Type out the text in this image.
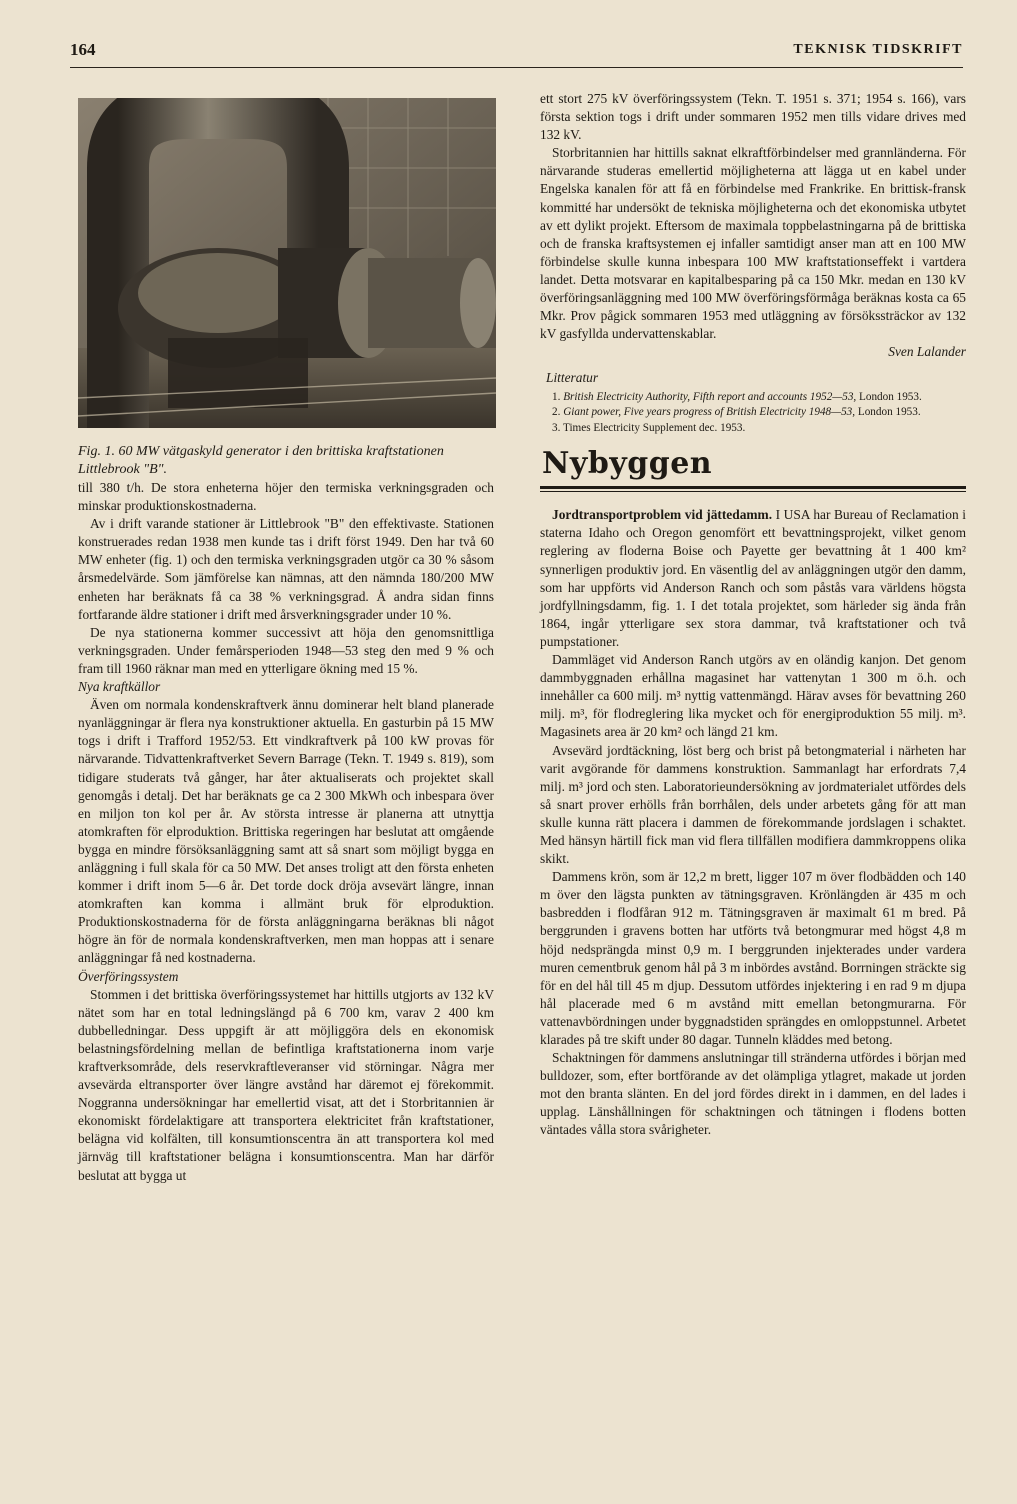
164	TEKNISK TIDSKRIFT

Fig. 1. 60 MW vätgaskyld generator i den brittiska kraftstationen Littlebrook "B".

till 380 t/h. De stora enheterna höjer den termiska verkningsgraden och minskar produktionskostnaderna.

Av i drift varande stationer är Littlebrook "B" den effektivaste. Stationen konstruerades redan 1938 men kunde tas i drift först 1949. Den har två 60 MW enheter (fig. 1) och den termiska verkningsgraden utgör ca 30 % såsom årsmedelvärde. Som jämförelse kan nämnas, att den nämnda 180/200 MW enheten har beräknats få ca 38 % verkningsgrad. Å andra sidan finns fortfarande äldre stationer i drift med årsverkningsgrader under 10 %.

De nya stationerna kommer successivt att höja den genomsnittliga verkningsgraden. Under femårsperioden 1948—53 steg den med 9 % och fram till 1960 räknar man med en ytterligare ökning med 15 %.

Nya kraftkällor

Även om normala kondenskraftverk ännu dominerar helt bland planerade nyanläggningar är flera nya konstruktioner aktuella. En gasturbin på 15 MW togs i drift i Trafford 1952/53. Ett vindkraftverk på 100 kW provas för närvarande. Tidvattenkraftverket Severn Barrage (Tekn. T. 1949 s. 819), som tidigare studerats två gånger, har åter aktualiserats och projektet skall genomgås i detalj. Det har beräknats ge ca 2 300 MkWh och inbespara över en miljon ton kol per år. Av största intresse är planerna att utnyttja atomkraften för elproduktion. Brittiska regeringen har beslutat att omgående bygga en mindre försöksanläggning samt att så snart som möjligt bygga en anläggning i full skala för ca 50 MW. Det anses troligt att den första enheten kommer i drift inom 5—6 år. Det torde dock dröja avsevärt längre, innan atomkraften kan komma i allmänt bruk för elproduktion. Produktionskostnaderna för de första anläggningarna beräknas bli något högre än för de normala kondenskraftverken, men man hoppas att i senare anläggningar få ned kostnaderna.

Överföringssystem

Stommen i det brittiska överföringssystemet har hittills utgjorts av 132 kV nätet som har en total ledningslängd på 6 700 km, varav 2 400 km dubbelledningar. Dess uppgift är att möjliggöra dels en ekonomisk belastningsfördelning mellan de befintliga kraftstationerna inom varje kraftverksområde, dels reservkraftleveranser vid störningar. Några mer avsevärda eltransporter över längre avstånd har däremot ej förekommit. Noggranna undersökningar har emellertid visat, att det i Storbritannien är ekonomiskt fördelaktigare att transportera elektricitet från kraftstationer, belägna vid kolfälten, till konsumtionscentra än att transportera kol med järnväg till kraftstationer belägna i konsumtionscentra. Man har därför beslutat att bygga ut

ett stort 275 kV överföringssystem (Tekn. T. 1951 s. 371; 1954 s. 166), vars första sektion togs i drift under sommaren 1952 men tills vidare drives med 132 kV.

Storbritannien har hittills saknat elkraftförbindelser med grannländerna. För närvarande studeras emellertid möjligheterna att lägga ut en kabel under Engelska kanalen för att få en förbindelse med Frankrike. En brittisk-fransk kommitté har undersökt de tekniska möjligheterna och det ekonomiska utbytet av ett dylikt projekt. Eftersom de maximala toppbelastningarna på de brittiska och de franska kraftsystemen ej infaller samtidigt anser man att en 100 MW förbindelse skulle kunna inbespara 100 MW kraftstationseffekt i vartdera landet. Detta motsvarar en kapitalbesparing på ca 150 Mkr. medan en 130 kV överföringsanläggning med 100 MW överföringsförmåga beräknas kosta ca 65 Mkr. Prov pågick sommaren 1953 med utläggning av försökssträckor av 132 kV gasfyllda undervattenskablar.

Sven Lalander
Litteratur

1. British Electricity Authority, Fifth report and accounts 1952—53, London 1953.

2. Giant power, Five years progress of British Electricity 1948—53, London 1953.

3. Times Electricity Supplement dec. 1953.

Nybyggen

Jordtransportproblem vid jättedamm. I USA har Bureau of Reclamation i staterna Idaho och Oregon genomfört ett bevattningsprojekt, vilket genom reglering av floderna Boise och Payette ger bevattning åt 1 400 km² synnerligen produktiv jord. En väsentlig del av anläggningen utgör den damm, som har uppförts vid Anderson Ranch och som påstås vara världens högsta jordfyllningsdamm, fig. 1. I det totala projektet, som härleder sig ända från 1864, ingår ytterligare sex stora dammar, två kraftstationer och två pumpstationer.

Dammläget vid Anderson Ranch utgörs av en oländig kanjon. Det genom dammbyggnaden erhållna magasinet har vattenytan 1 300 m ö.h. och innehåller ca 600 milj. m³ nyttig vattenmängd. Härav avses för bevattning 260 milj. m³, för flodreglering lika mycket och för energiproduktion 55 milj. m³. Magasinets area är 20 km² och längd 21 km.

Avsevärd jordtäckning, löst berg och brist på betongmaterial i närheten har varit avgörande för dammens konstruktion. Sammanlagt har erfordrats 7,4 milj. m³ jord och sten. Laboratorieundersökning av jordmaterialet utfördes dels så snart prover erhölls från borrhålen, dels under arbetets gång för att man skulle kunna rätt placera i dammen de förekommande jordslagen i schaktet. Med hänsyn härtill fick man vid flera tillfällen modifiera dammkroppens olika skikt.

Dammens krön, som är 12,2 m brett, ligger 107 m över flodbädden och 140 m över den lägsta punkten av tätningsgraven. Krönlängden är 435 m och basbredden i flodfåran 912 m. Tätningsgraven är maximalt 61 m bred. På berggrunden i gravens botten har utförts två betongmurar med högst 4,8 m höjd nedsprängda minst 0,9 m. I berggrunden injekterades under vardera muren cementbruk genom hål på 3 m inbördes avstånd. Borrningen sträckte sig för en del hål till 45 m djup. Dessutom utfördes injektering i en rad 9 m djupa hål placerade med 6 m avstånd mitt emellan betongmurarna. För vattenavbördningen under byggnadstiden sprängdes en omloppstunnel. Arbetet klarades på tre skift under 80 dagar. Tunneln kläddes med betong.

Schaktningen för dammens anslutningar till stränderna utfördes i början med bulldozer, som, efter bortförande av det olämpliga ytlagret, makade ut jorden mot den branta slänten. En del jord fördes direkt in i dammen, en del lades i upplag. Länshållningen för schaktningen och tätningen i flodens botten väntades vålla stora svårigheter.
